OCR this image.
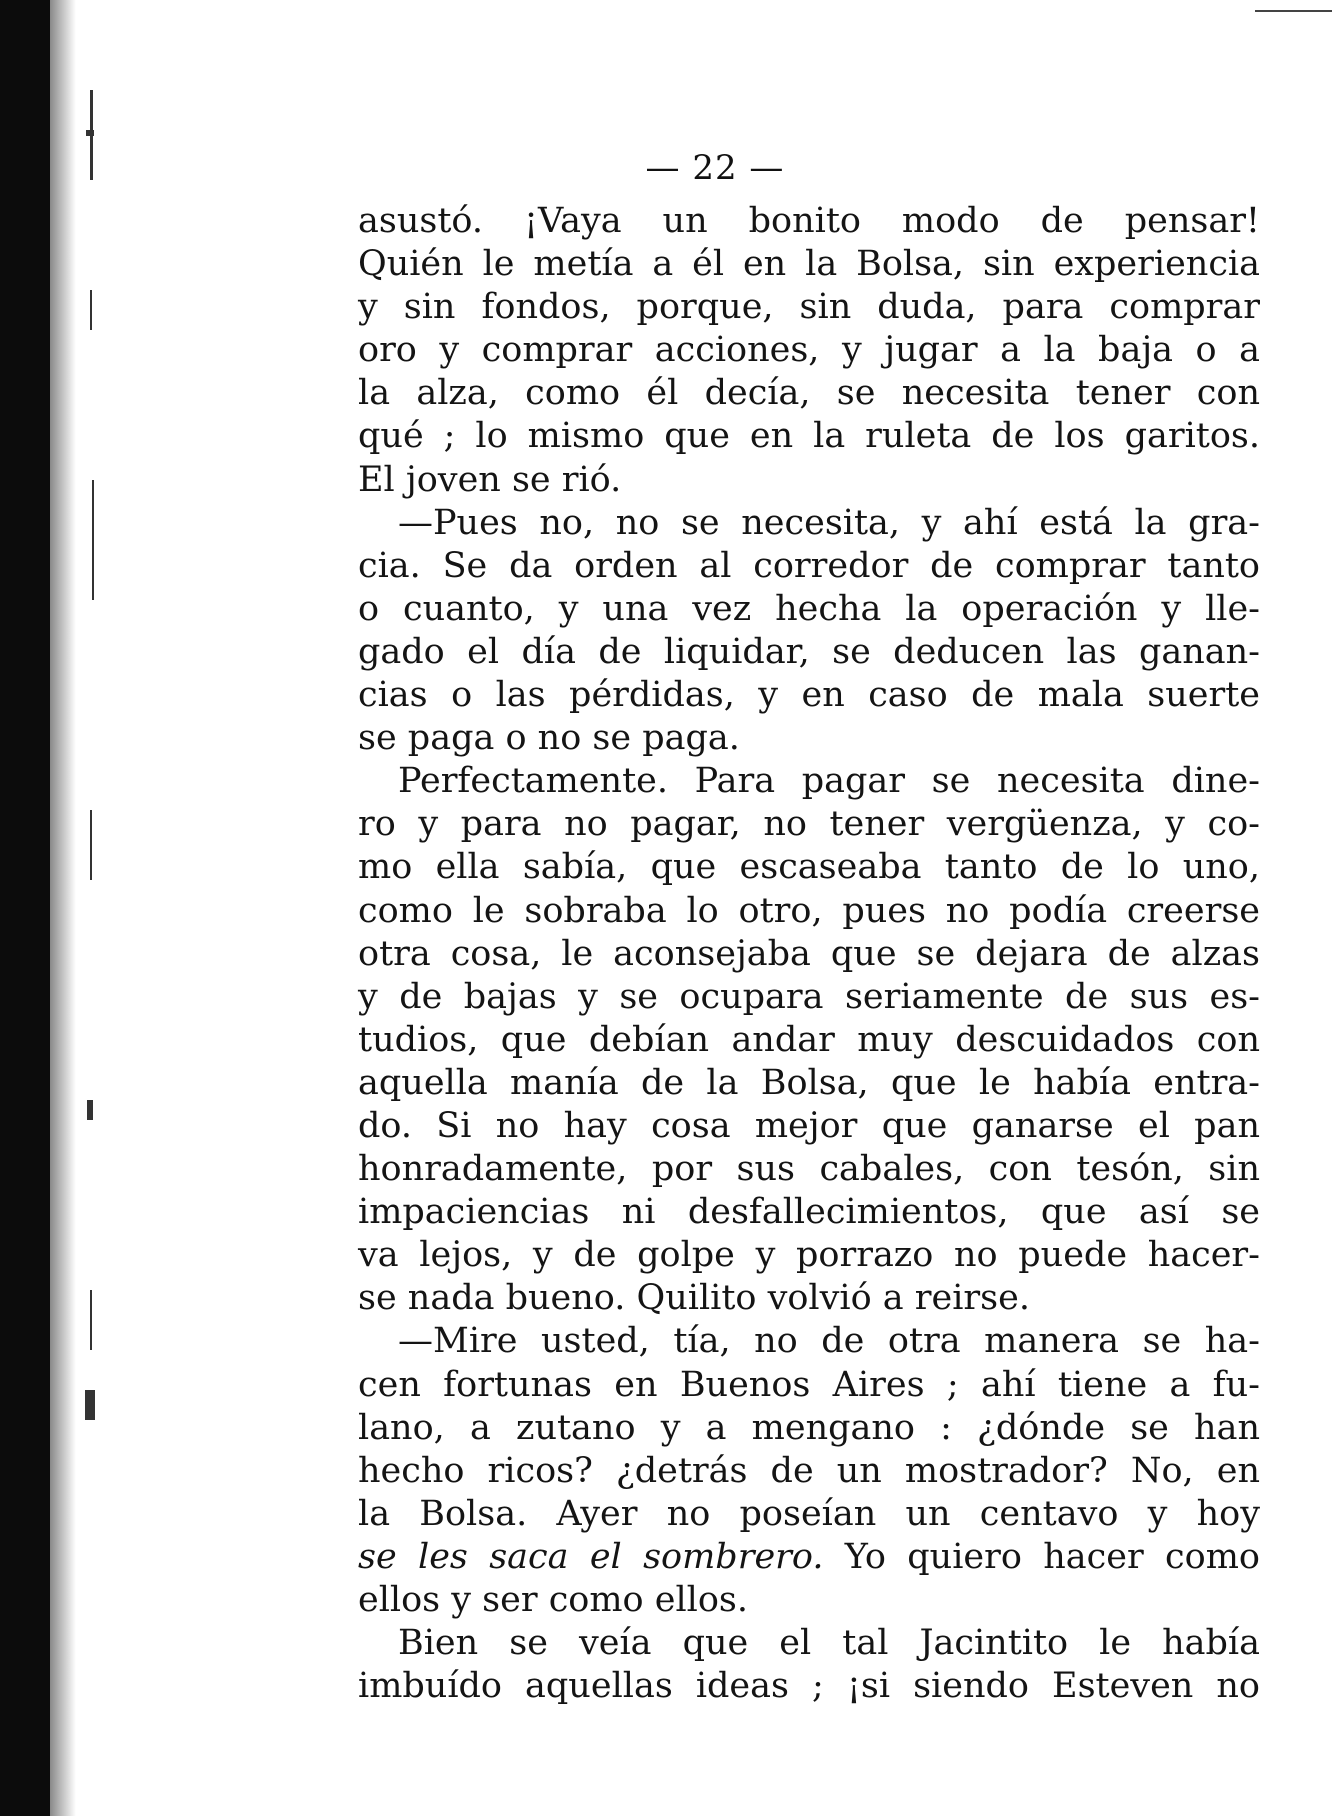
— 22 —
asustó. ¡Vaya un bonito modo de pensar!
Quién le metía a él en la Bolsa, sin experiencia
y sin fondos, porque, sin duda, para comprar
oro y comprar acciones, y jugar a la baja o a
la alza, como él decía, se necesita tener con
qué ; lo mismo que en la ruleta de los garitos.
El joven se rió.
—Pues no, no se necesita, y ahí está la gra-
cia. Se da orden al corredor de comprar tanto
o cuanto, y una vez hecha la operación y lle-
gado el día de liquidar, se deducen las ganan-
cias o las pérdidas, y en caso de mala suerte
se paga o no se paga.
Perfectamente. Para pagar se necesita dine-
ro y para no pagar, no tener vergüenza, y co-
mo ella sabía, que escaseaba tanto de lo uno,
como le sobraba lo otro, pues no podía creerse
otra cosa, le aconsejaba que se dejara de alzas
y de bajas y se ocupara seriamente de sus es-
tudios, que debían andar muy descuidados con
aquella manía de la Bolsa, que le había entra-
do. Si no hay cosa mejor que ganarse el pan
honradamente, por sus cabales, con tesón, sin
impaciencias ni desfallecimientos, que así se
va lejos, y de golpe y porrazo no puede hacer-
se nada bueno. Quilito volvió a reirse.
—Mire usted, tía, no de otra manera se ha-
cen fortunas en Buenos Aires ; ahí tiene a fu-
lano, a zutano y a mengano : ¿dónde se han
hecho ricos? ¿detrás de un mostrador? No, en
la Bolsa. Ayer no poseían un centavo y hoy
se les saca el sombrero. Yo quiero hacer como
ellos y ser como ellos.
Bien se veía que el tal Jacintito le había
imbuído aquellas ideas ; ¡si siendo Esteven no
